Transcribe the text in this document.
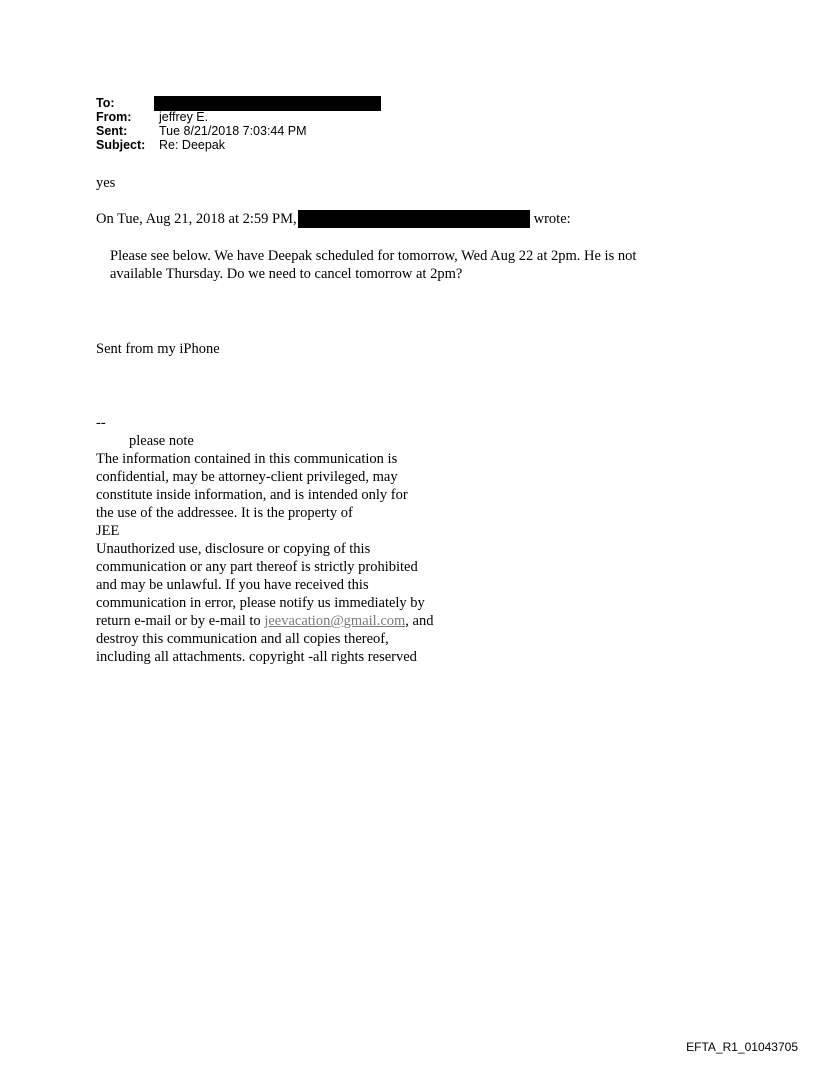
To:
From:	jeffrey E.
Sent:	Tue 8/21/2018 7:03:44 PM
Subject:	Re: Deepak
yes
On Tue, Aug 21, 2018 at 2:59 PM,	wrote:
Please see below. We have Deepak scheduled for tomorrow, Wed Aug 22 at 2pm. He is not
available Thursday. Do we need to cancel tomorrow at 2pm?
Sent from my iPhone
--
please note
The information contained in this communication is
confidential, may be attorney-client privileged, may
constitute inside information, and is intended only for
the use of the addressee. It is the property of
JEE
Unauthorized use, disclosure or copying of this
communication or any part thereof is strictly prohibited
and may be unlawful. If you have received this
communication in error, please notify us immediately by
return e-mail or by e-mail to jeevacation@gmail.com, and
destroy this communication and all copies thereof,
including all attachments. copyright -all rights reserved
EFTA_R1_01043705
